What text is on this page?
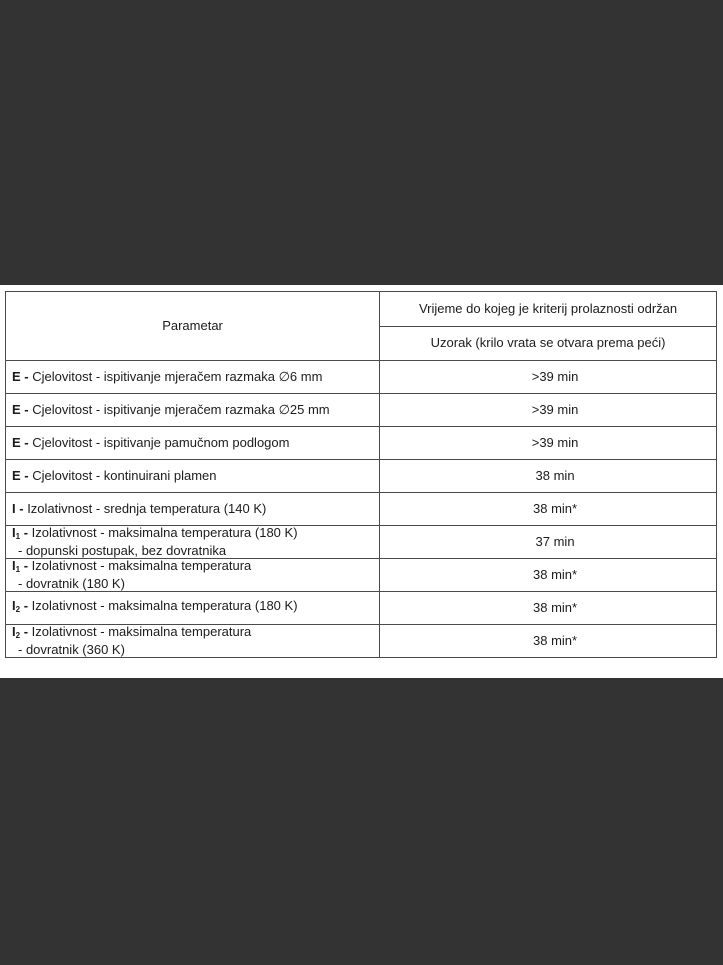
Parametar	Vrijeme do kojeg je kriterij prolaznosti održan
	Uzorak (krilo vrata se otvara prema peći)
E - Cjelovitost - ispitivanje mjeračem razmaka ∅6 mm	>39 min
E - Cjelovitost - ispitivanje mjeračem razmaka ∅25 mm	>39 min
E - Cjelovitost - ispitivanje pamučnom podlogom	>39 min
E - Cjelovitost - kontinuirani plamen	38 min
I - Izolativnost - srednja temperatura (140 K)	38 min*
$I_1$ - Izolativnost - maksimalna temperatura (180 K)
- dopunski postupak, bez dovratnika	37 min
$I_1$ - Izolativnost - maksimalna temperatura
- dovratnik (180 K)	38 min*
$I_2$ - Izolativnost - maksimalna temperatura (180 K)	38 min*
$I_2$ - Izolativnost - maksimalna temperatura
- dovratnik (360 K)	38 min*
